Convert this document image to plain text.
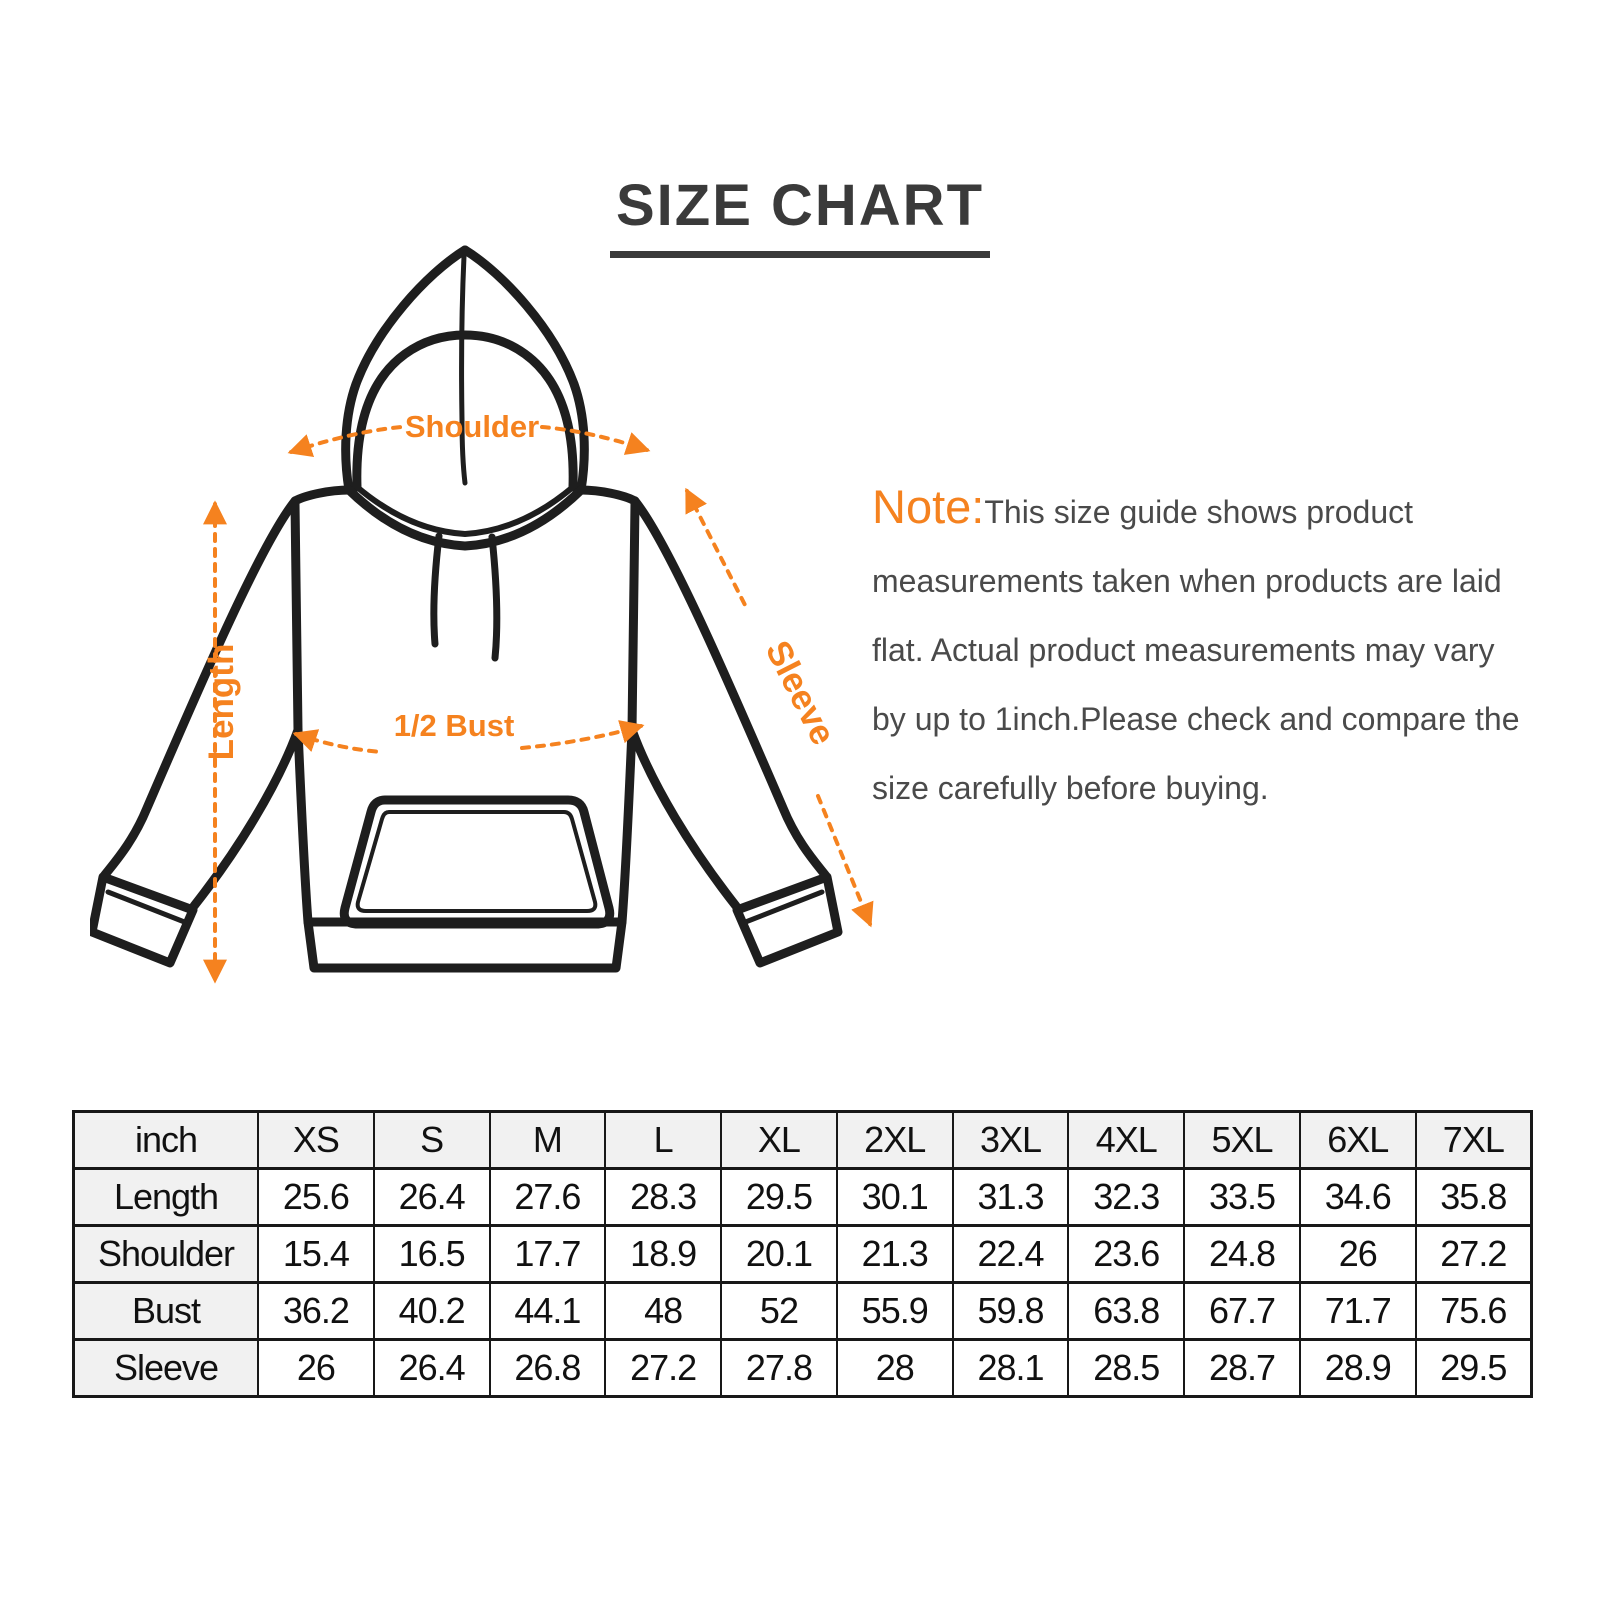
SIZE CHART
Shoulder
Length	1/2 Bust	Sleeve

Note:This size guide shows product measurements taken when products are laid flat. Actual product measurements may vary by up to 1inch.Please check and compare the size carefully before buying.

inch	XS	S	M	L	XL	2XL	3XL	4XL	5XL	6XL	7XL
Length	25.6	26.4	27.6	28.3	29.5	30.1	31.3	32.3	33.5	34.6	35.8
Shoulder	15.4	16.5	17.7	18.9	20.1	21.3	22.4	23.6	24.8	26	27.2
Bust	36.2	40.2	44.1	48	52	55.9	59.8	63.8	67.7	71.7	75.6
Sleeve	26	26.4	26.8	27.2	27.8	28	28.1	28.5	28.7	28.9	29.5
